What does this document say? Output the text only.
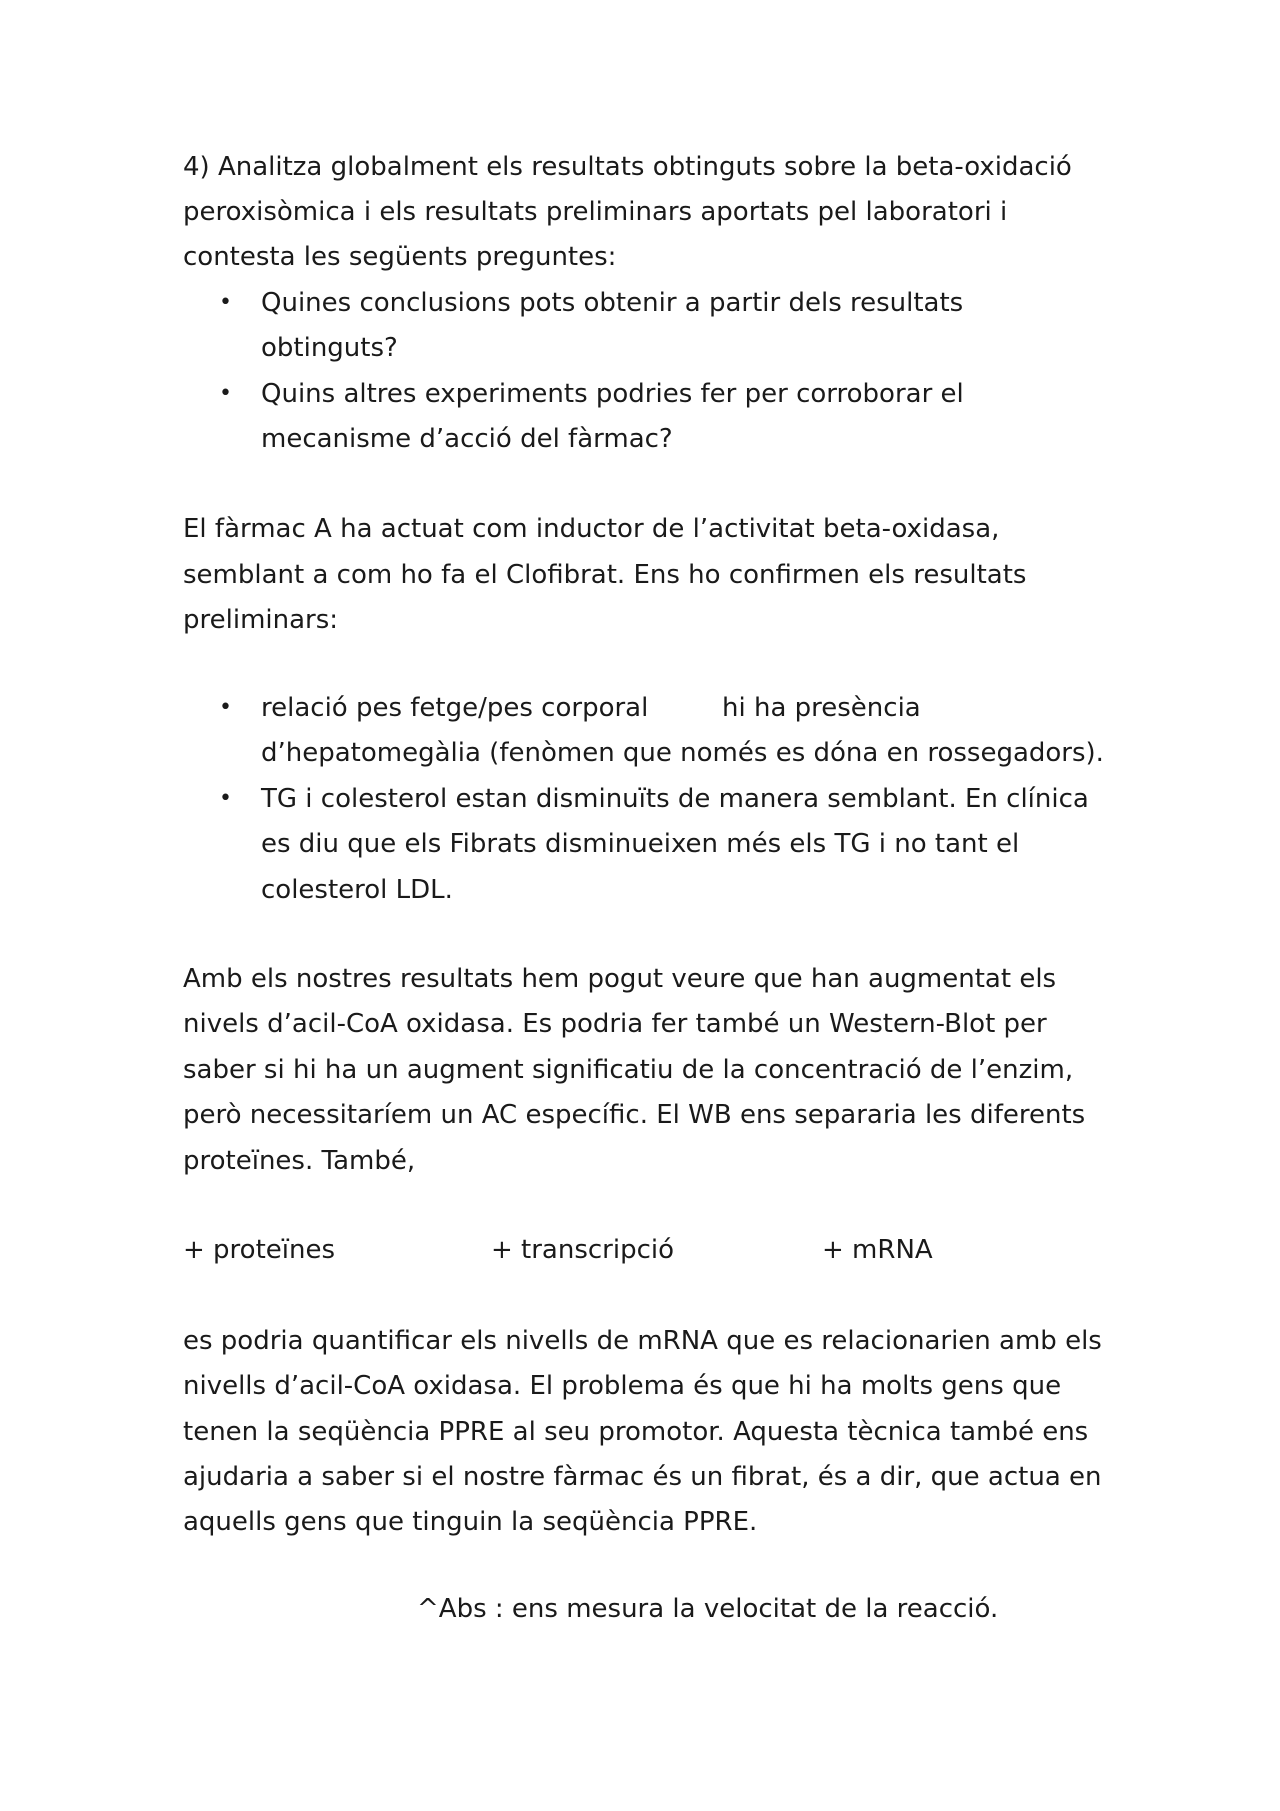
4) Analitza globalment els resultats obtinguts sobre la beta-oxidació
peroxisòmica i els resultats preliminars aportats pel laboratori i
contesta les següents preguntes:
• Quines conclusions pots obtenir a partir dels resultats
obtinguts?
• Quins altres experiments podries fer per corroborar el
mecanisme d’acció del fàrmac?
El fàrmac A ha actuat com inductor de l’activitat beta-oxidasa,
semblant a com ho fa el Clofibrat. Ens ho confirmen els resultats
preliminars:
• relació pes fetge/pes corporal	hi ha presència
d’hepatomegàlia (fenòmen que només es dóna en rossegadors).
• TG i colesterol estan disminuïts de manera semblant. En clínica
es diu que els Fibrats disminueixen més els TG i no tant el
colesterol LDL.
Amb els nostres resultats hem pogut veure que han augmentat els
nivels d’acil-CoA oxidasa. Es podria fer també un Western-Blot per
saber si hi ha un augment significatiu de la concentració de l’enzim,
però necessitaríem un AC específic. El WB ens separaria les diferents
proteïnes. També,
+ proteïnes	+ transcripció	+ mRNA
es podria quantificar els nivells de mRNA que es relacionarien amb els
nivells d’acil-CoA oxidasa. El problema és que hi ha molts gens que
tenen la seqüència PPRE al seu promotor. Aquesta tècnica també ens
ajudaria a saber si el nostre fàrmac és un fibrat, és a dir, que actua en
aquells gens que tinguin la seqüència PPRE.
^Abs : ens mesura la velocitat de la reacció.
